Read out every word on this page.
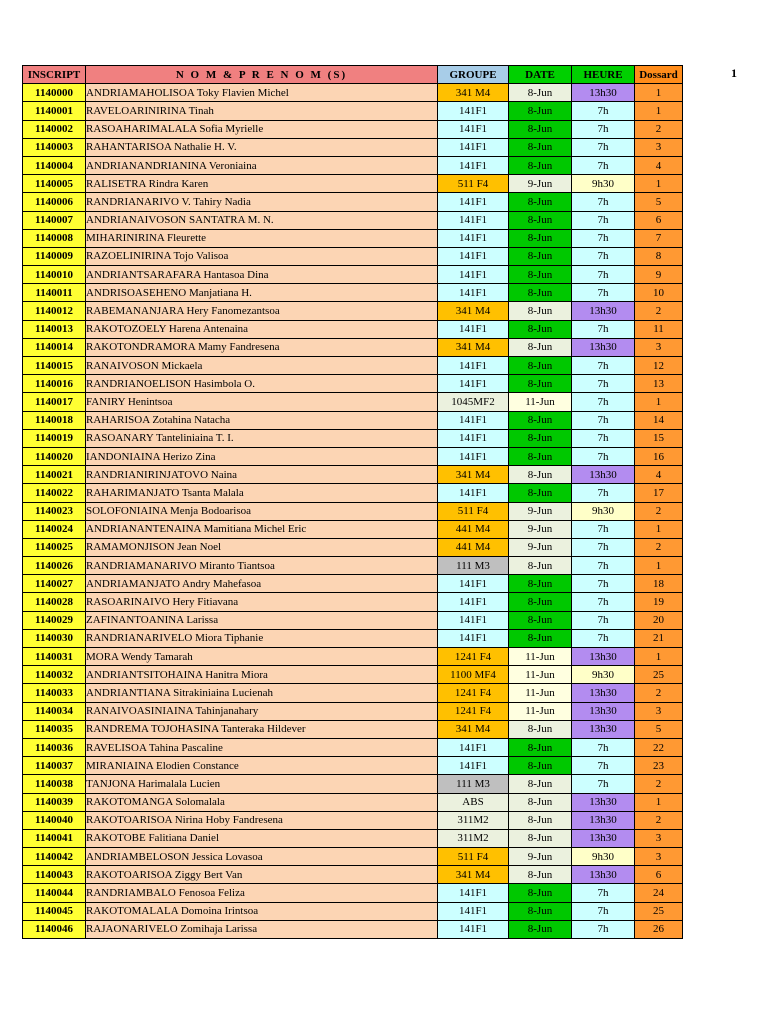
1
INSCRIPT	N O M & P R E N O M (S)	GROUPE	DATE	HEURE	Dossard
1140000	ANDRIAMAHOLISOA Toky Flavien Michel	341 M4	8-Jun	13h30	1
1140001	RAVELOARINIRINA Tinah	141F1	8-Jun	7h	1
1140002	RASOAHARIMALALA Sofia Myrielle	141F1	8-Jun	7h	2
1140003	RAHANTARISOA Nathalie H. V.	141F1	8-Jun	7h	3
1140004	ANDRIANANDRIANINA Veroniaina	141F1	8-Jun	7h	4
1140005	RALISETRA Rindra Karen	511 F4	9-Jun	9h30	1
1140006	RANDRIANARIVO V. Tahiry Nadia	141F1	8-Jun	7h	5
1140007	ANDRIANAIVOSON SANTATRA M. N.	141F1	8-Jun	7h	6
1140008	MIHARINIRINA Fleurette	141F1	8-Jun	7h	7
1140009	RAZOELINIRINA Tojo Valisoa	141F1	8-Jun	7h	8
1140010	ANDRIANTSARAFARA Hantasoa Dina	141F1	8-Jun	7h	9
1140011	ANDRISOASEHENO Manjatiana H.	141F1	8-Jun	7h	10
1140012	RABEMANANJARA Hery Fanomezantsoa	341 M4	8-Jun	13h30	2
1140013	RAKOTOZOELY Harena Antenaina	141F1	8-Jun	7h	11
1140014	RAKOTONDRAMORA Mamy Fandresena	341 M4	8-Jun	13h30	3
1140015	RANAIVOSON Mickaela	141F1	8-Jun	7h	12
1140016	RANDRIANOELISON Hasimbola O.	141F1	8-Jun	7h	13
1140017	FANIRY Henintsoa	1045MF2	11-Jun	7h	1
1140018	RAHARISOA Zotahina Natacha	141F1	8-Jun	7h	14
1140019	RASOANARY Tanteliniaina T. I.	141F1	8-Jun	7h	15
1140020	IANDONIAINA Herizo Zina	141F1	8-Jun	7h	16
1140021	RANDRIANIRINJATOVO Naina	341 M4	8-Jun	13h30	4
1140022	RAHARIMANJATO Tsanta Malala	141F1	8-Jun	7h	17
1140023	SOLOFONIAINA Menja Bodoarisoa	511 F4	9-Jun	9h30	2
1140024	ANDRIANANTENAINA Mamitiana Michel Eric	441 M4	9-Jun	7h	1
1140025	RAMAMONJISON Jean Noel	441 M4	9-Jun	7h	2
1140026	RANDRIAMANARIVO Miranto Tiantsoa	111 M3	8-Jun	7h	1
1140027	ANDRIAMANJATO Andry Mahefasoa	141F1	8-Jun	7h	18
1140028	RASOARINAIVO Hery Fitiavana	141F1	8-Jun	7h	19
1140029	ZAFINANTOANINA Larissa	141F1	8-Jun	7h	20
1140030	RANDRIANARIVELO Miora Tiphanie	141F1	8-Jun	7h	21
1140031	MORA Wendy Tamarah	1241 F4	11-Jun	13h30	1
1140032	ANDRIANTSITOHAINA Hanitra Miora	1100 MF4	11-Jun	9h30	25
1140033	ANDRIANTIANA Sitrakiniaina Lucienah	1241 F4	11-Jun	13h30	2
1140034	RANAIVOASINIAINA Tahinjanahary	1241 F4	11-Jun	13h30	3
1140035	RANDREMA TOJOHASINA Tanteraka Hildever	341 M4	8-Jun	13h30	5
1140036	RAVELISOA Tahina Pascaline	141F1	8-Jun	7h	22
1140037	MIRANIAINA Elodien Constance	141F1	8-Jun	7h	23
1140038	TANJONA Harimalala Lucien	111 M3	8-Jun	7h	2
1140039	RAKOTOMANGA Solomalala	ABS	8-Jun	13h30	1
1140040	RAKOTOARISOA Nirina Hoby Fandresena	311M2	8-Jun	13h30	2
1140041	RAKOTOBE Falitiana Daniel	311M2	8-Jun	13h30	3
1140042	ANDRIAMBELOSON Jessica Lovasoa	511 F4	9-Jun	9h30	3
1140043	RAKOTOARISOA Ziggy Bert Van	341 M4	8-Jun	13h30	6
1140044	RANDRIAMBALO Fenosoa Feliza	141F1	8-Jun	7h	24
1140045	RAKOTOMALALA Domoina Irintsoa	141F1	8-Jun	7h	25
1140046	RAJAONARIVELO Zomihaja Larissa	141F1	8-Jun	7h	26
